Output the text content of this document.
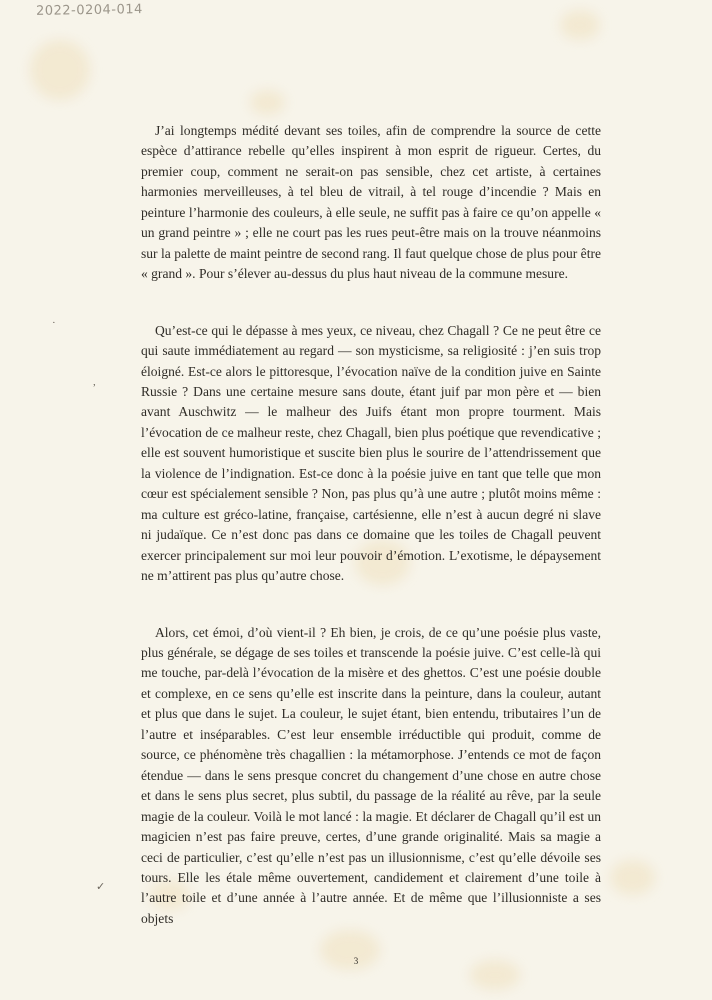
2022-0204-014

J’ai longtemps médité devant ses toiles, afin de comprendre la source de cette espèce d’attirance rebelle qu’elles inspirent à mon esprit de rigueur. Certes, du premier coup, comment ne serait-on pas sensible, chez cet artiste, à certaines harmonies merveilleuses, à tel bleu de vitrail, à tel rouge d’incendie ? Mais en peinture l’harmonie des couleurs, à elle seule, ne suffit pas à faire ce qu’on appelle « un grand peintre » ; elle ne court pas les rues peut-être mais on la trouve néanmoins sur la palette de maint peintre de second rang. Il faut quelque chose de plus pour être « grand ». Pour s’élever au-dessus du plus haut niveau de la commune mesure.

Qu’est-ce qui le dépasse à mes yeux, ce niveau, chez Chagall ? Ce ne peut être ce qui saute immédiatement au regard — son mysticisme, sa religiosité : j’en suis trop éloigné. Est-ce alors le pittoresque, l’évocation naïve de la condition juive en Sainte Russie ? Dans une certaine mesure sans doute, étant juif par mon père et — bien avant Auschwitz — le malheur des Juifs étant mon propre tourment. Mais l’évocation de ce malheur reste, chez Chagall, bien plus poétique que revendicative ; elle est souvent humoristique et suscite bien plus le sourire de l’attendrissement que la violence de l’indignation. Est-ce donc à la poésie juive en tant que telle que mon cœur est spécialement sensible ? Non, pas plus qu’à une autre ; plutôt moins même : ma culture est gréco-latine, française, cartésienne, elle n’est à aucun degré ni slave ni judaïque. Ce n’est donc pas dans ce domaine que les toiles de Chagall peuvent exercer principalement sur moi leur pouvoir d’émotion. L’exotisme, le dépaysement ne m’attirent pas plus qu’autre chose.

Alors, cet émoi, d’où vient-il ? Eh bien, je crois, de ce qu’une poésie plus vaste, plus générale, se dégage de ses toiles et transcende la poésie juive. C’est celle-là qui me touche, par-delà l’évocation de la misère et des ghettos. C’est une poésie double et complexe, en ce sens qu’elle est inscrite dans la peinture, dans la couleur, autant et plus que dans le sujet. La couleur, le sujet étant, bien entendu, tributaires l’un de l’autre et inséparables. C’est leur ensemble irréductible qui produit, comme de source, ce phénomène très chagallien : la métamorphose. J’entends ce mot de façon étendue — dans le sens presque concret du changement d’une chose en autre chose et dans le sens plus secret, plus subtil, du passage de la réalité au rêve, par la seule magie de la couleur. Voilà le mot lancé : la magie. Et déclarer de Chagall qu’il est un magicien n’est pas faire preuve, certes, d’une grande originalité. Mais sa magie a ceci de particulier, c’est qu’elle n’est pas un illusionnisme, c’est qu’elle dévoile ses tours. Elle les étale même ouvertement, candidement et clairement d’une toile à l’autre toile et d’une année à l’autre année. Et de même que l’illusionniste a ses objets

·
,
✓
3
